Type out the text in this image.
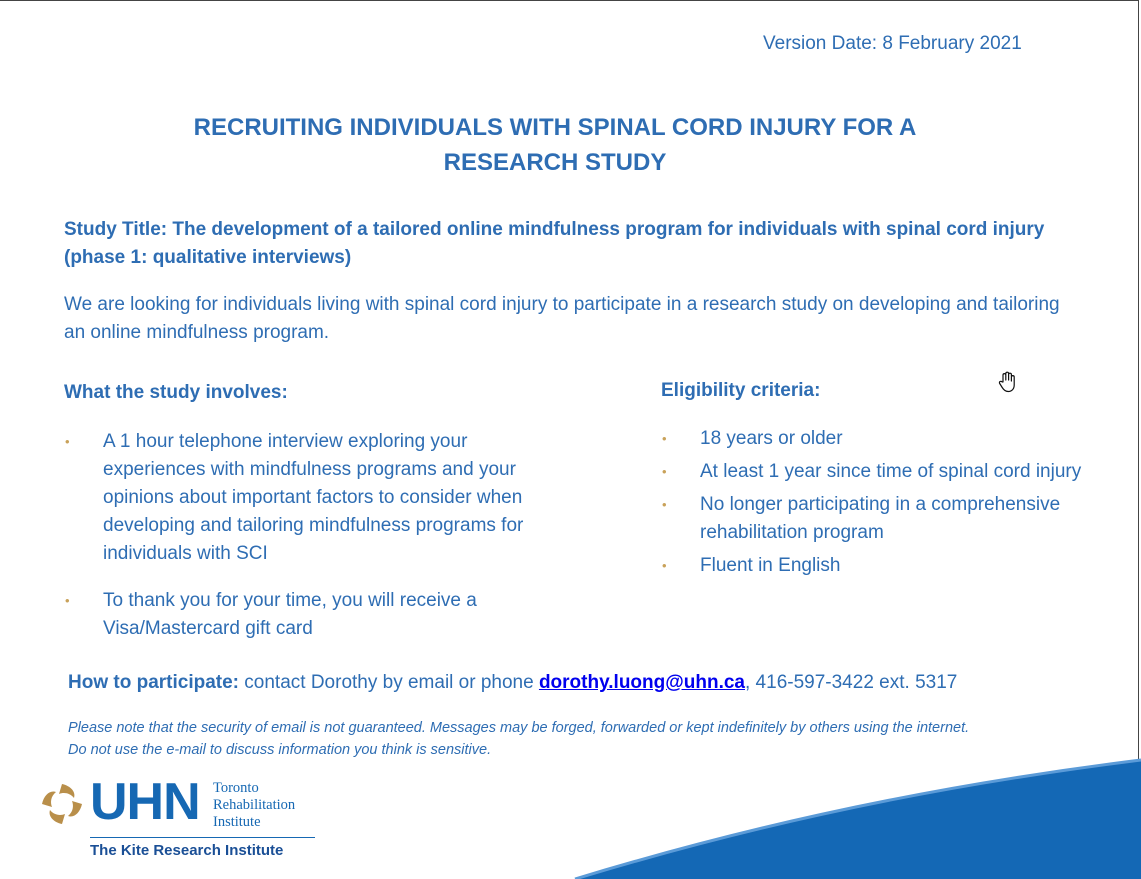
Version Date: 8 February 2021
RECRUITING INDIVIDUALS WITH SPINAL CORD INJURY FOR A
RESEARCH STUDY
Study Title: The development of a tailored online mindfulness program for individuals with spinal cord injury (phase 1: qualitative interviews)
We are looking for individuals living with spinal cord injury to participate in a research study on developing and tailoring an online mindfulness program.
What the study involves:
• A 1 hour telephone interview exploring your experiences with mindfulness programs and your opinions about important factors to consider when developing and tailoring mindfulness programs for individuals with SCI
• To thank you for your time, you will receive a Visa/Mastercard gift card
Eligibility criteria:
• 18 years or older
• At least 1 year since time of spinal cord injury
• No longer participating in a comprehensive rehabilitation program
• Fluent in English
How to participate: contact Dorothy by email or phone dorothy.luong@uhn.ca, 416-597-3422 ext. 5317
Please note that the security of email is not guaranteed. Messages may be forged, forwarded or kept indefinitely by others using the internet.
Do not use the e-mail to discuss information you think is sensitive.
UHN Toronto
Rehabilitation
Institute
The Kite Research Institute
